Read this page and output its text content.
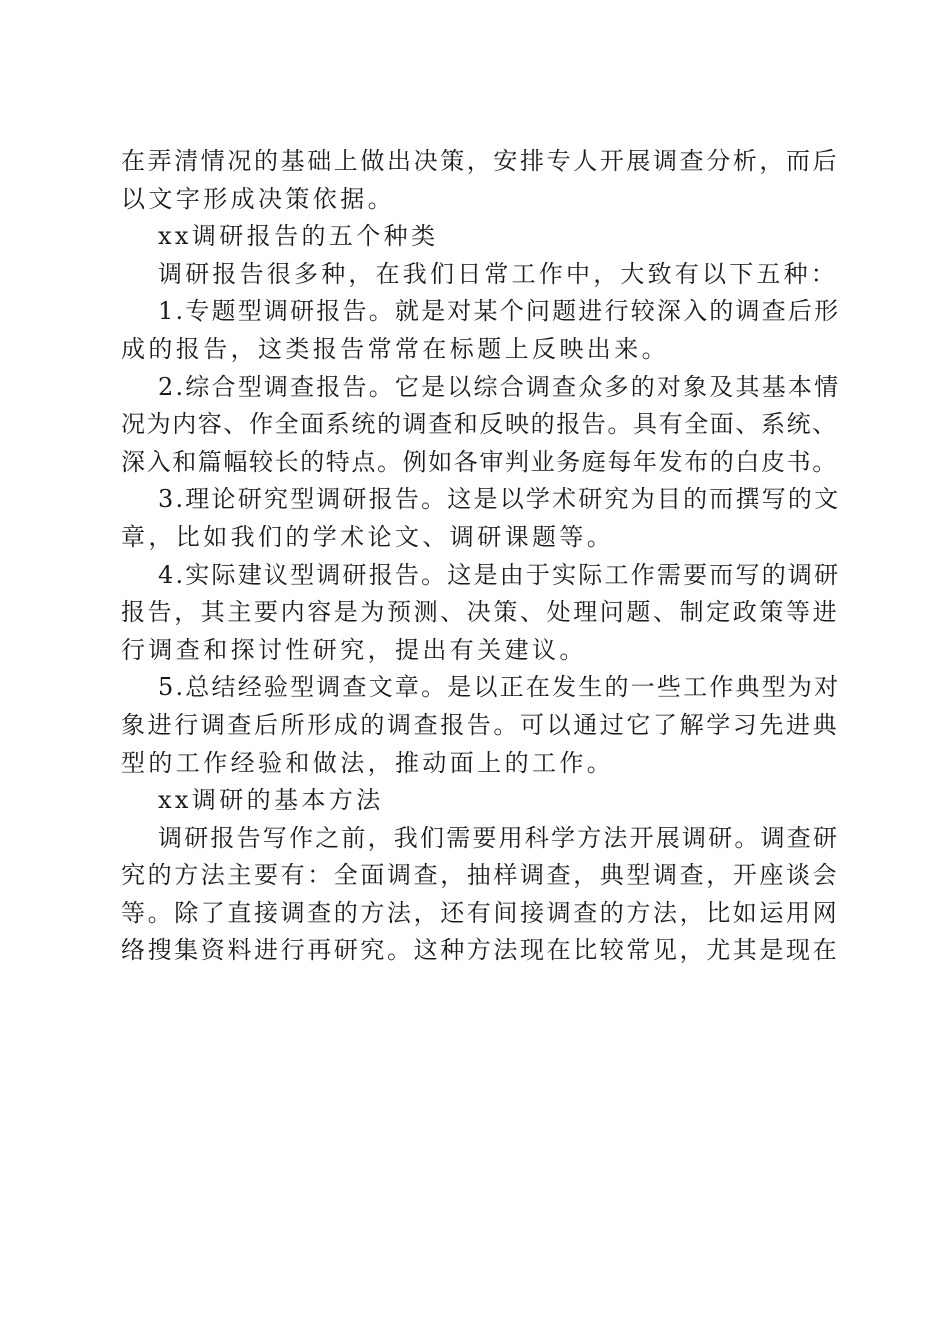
在弄清情况的基础上做出决策，安排专人开展调查分析，而后
以文字形成决策依据。
xx调研报告的五个种类
调研报告很多种，在我们日常工作中，大致有以下五种：
1.专题型调研报告。就是对某个问题进行较深入的调查后形
成的报告，这类报告常常在标题上反映出来。
2.综合型调查报告。它是以综合调查众多的对象及其基本情
况为内容、作全面系统的调查和反映的报告。具有全面、系统、
深入和篇幅较长的特点。例如各审判业务庭每年发布的白皮书。
3.理论研究型调研报告。这是以学术研究为目的而撰写的文
章，比如我们的学术论文、调研课题等。
4.实际建议型调研报告。这是由于实际工作需要而写的调研
报告，其主要内容是为预测、决策、处理问题、制定政策等进
行调查和探讨性研究，提出有关建议。
5.总结经验型调查文章。是以正在发生的一些工作典型为对
象进行调查后所形成的调查报告。可以通过它了解学习先进典
型的工作经验和做法，推动面上的工作。
xx调研的基本方法
调研报告写作之前，我们需要用科学方法开展调研。调查研
究的方法主要有：全面调查，抽样调查，典型调查，开座谈会
等。除了直接调查的方法，还有间接调查的方法，比如运用网
络搜集资料进行再研究。这种方法现在比较常见，尤其是现在
